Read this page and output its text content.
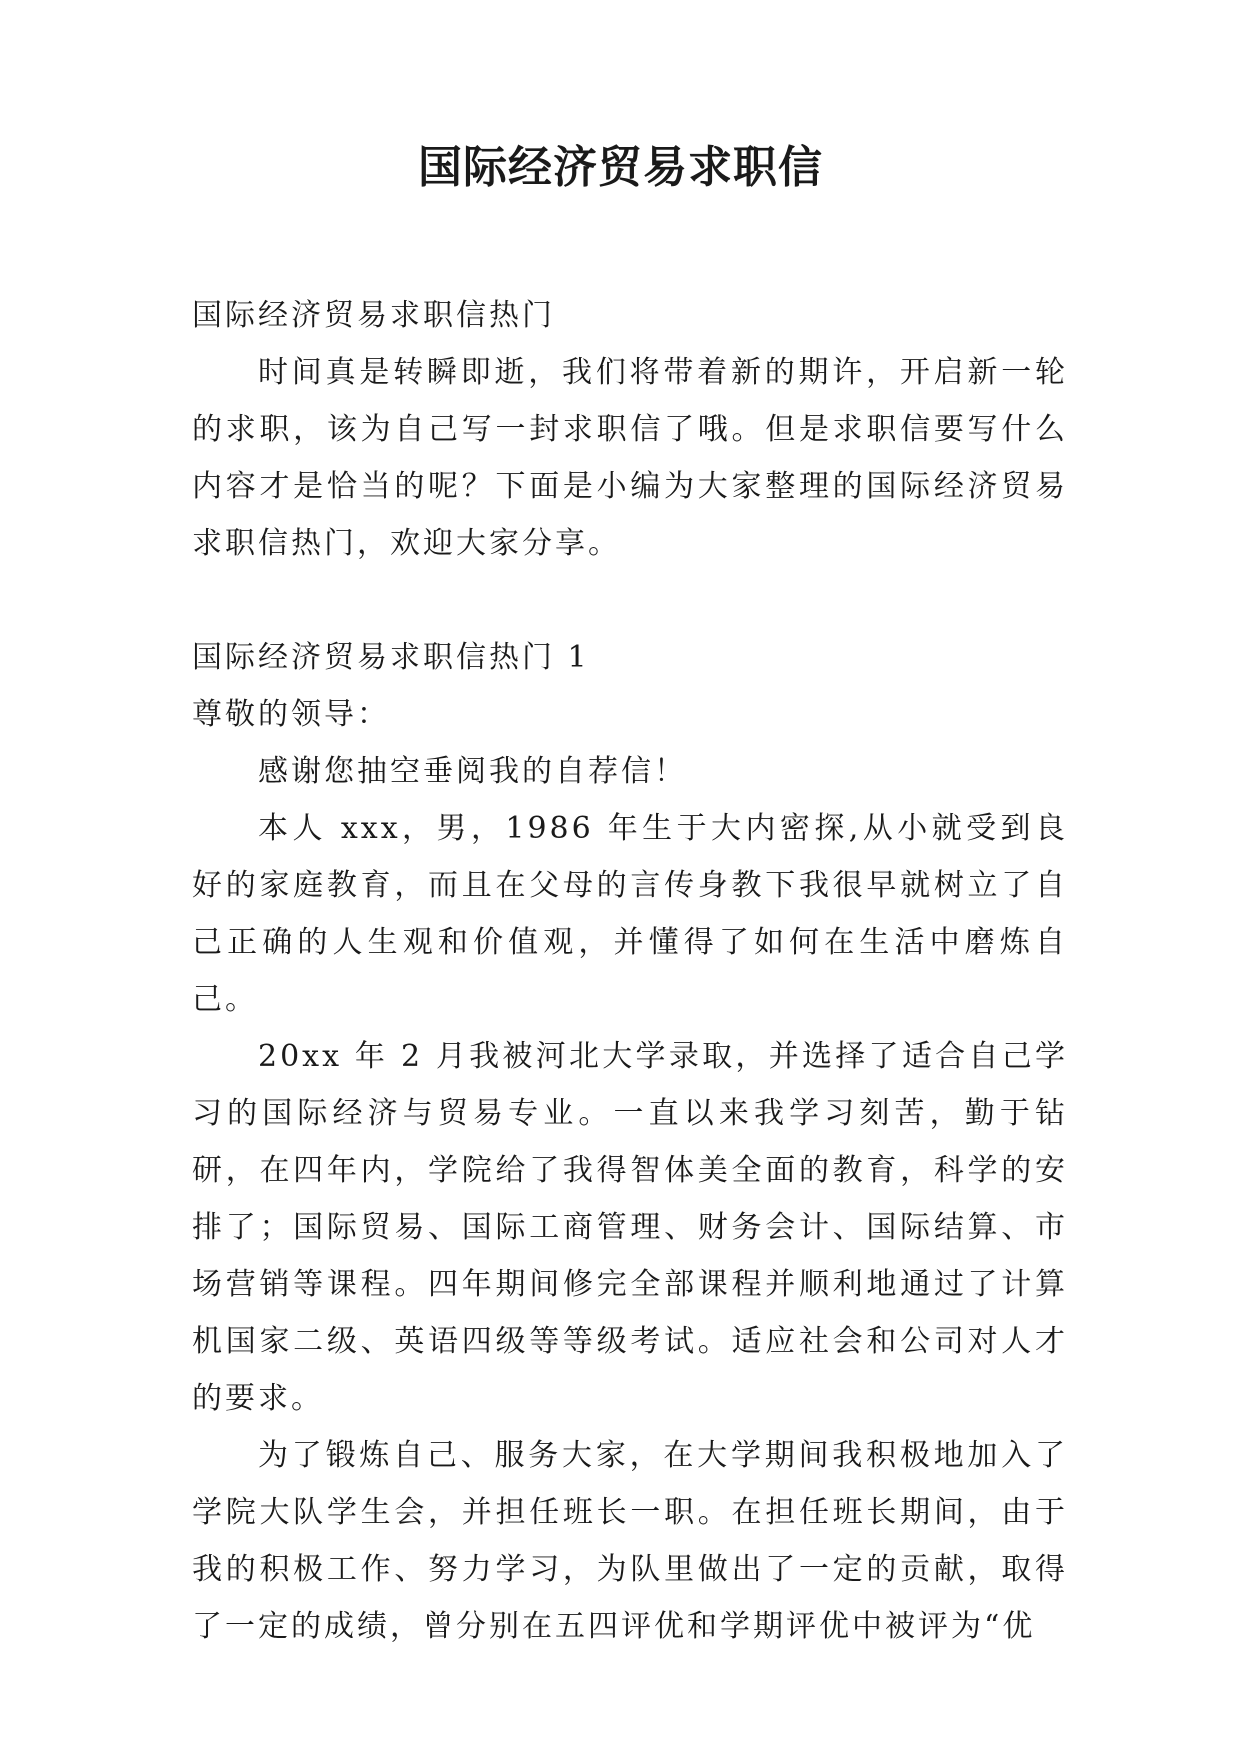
国际经济贸易求职信

国际经济贸易求职信热门

时间真是转瞬即逝，我们将带着新的期许，开启新一轮的求职，该为自己写一封求职信了哦。但是求职信要写什么内容才是恰当的呢？下面是小编为大家整理的国际经济贸易求职信热门，欢迎大家分享。

国际经济贸易求职信热门 1

尊敬的领导：

感谢您抽空垂阅我的自荐信！

本人 xxx，男，1986 年生于大内密探,从小就受到良好的家庭教育，而且在父母的言传身教下我很早就树立了自己正确的人生观和价值观，并懂得了如何在生活中磨炼自己。

20xx 年 2 月我被河北大学录取，并选择了适合自己学习的国际经济与贸易专业。一直以来我学习刻苦，勤于钻研，在四年内，学院给了我得智体美全面的教育，科学的安排了；国际贸易、国际工商管理、财务会计、国际结算、市场营销等课程。四年期间修完全部课程并顺利地通过了计算机国家二级、英语四级等等级考试。适应社会和公司对人才的要求。

为了锻炼自己、服务大家，在大学期间我积极地加入了学院大队学生会，并担任班长一职。在担任班长期间，由于我的积极工作、努力学习，为队里做出了一定的贡献，取得了一定的成绩，曾分别在五四评优和学期评优中被评为“优
